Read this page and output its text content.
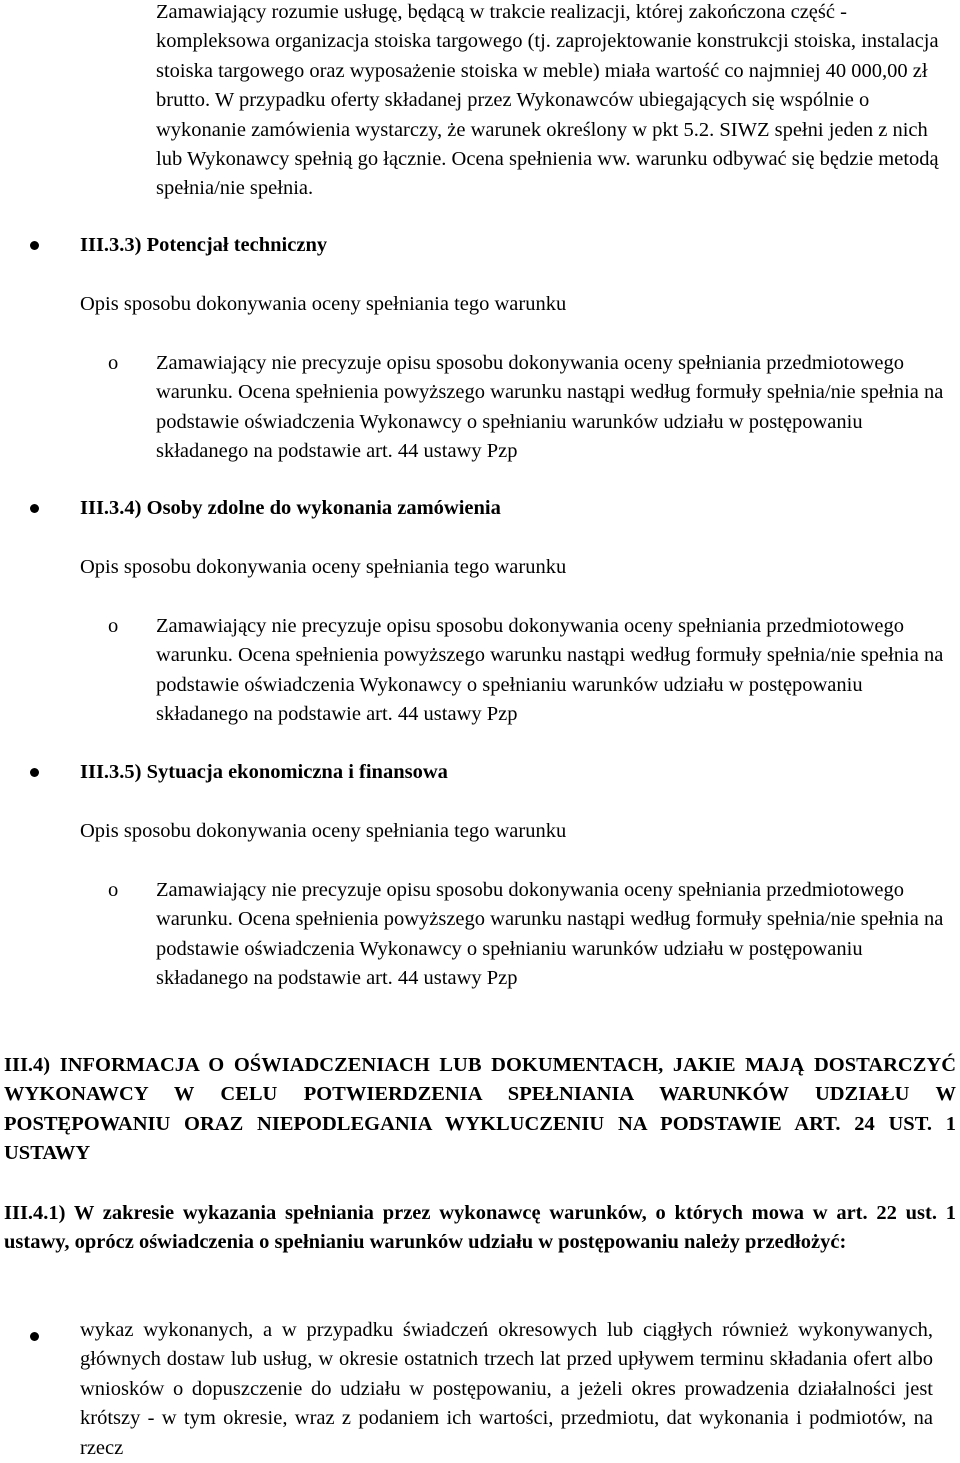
Zamawiający rozumie usługę, będącą w trakcie realizacji, której zakończona część - kompleksowa organizacja stoiska targowego (tj. zaprojektowanie konstrukcji stoiska, instalacja stoiska targowego oraz wyposażenie stoiska w meble) miała wartość co najmniej 40 000,00 zł brutto. W przypadku oferty składanej przez Wykonawców ubiegających się wspólnie o wykonanie zamówienia wystarczy, że warunek określony w pkt 5.2. SIWZ spełni jeden z nich lub Wykonawcy spełnią go łącznie. Ocena spełnienia ww. warunku odbywać się będzie metodą spełnia/nie spełnia.

III.3.3) Potencjał techniczny

Opis sposobu dokonywania oceny spełniania tego warunku

o Zamawiający nie precyzuje opisu sposobu dokonywania oceny spełniania przedmiotowego warunku. Ocena spełnienia powyższego warunku nastąpi według formuły spełnia/nie spełnia na podstawie oświadczenia Wykonawcy o spełnianiu warunków udziału w postępowaniu składanego na podstawie art. 44 ustawy Pzp

III.3.4) Osoby zdolne do wykonania zamówienia

Opis sposobu dokonywania oceny spełniania tego warunku

o Zamawiający nie precyzuje opisu sposobu dokonywania oceny spełniania przedmiotowego warunku. Ocena spełnienia powyższego warunku nastąpi według formuły spełnia/nie spełnia na podstawie oświadczenia Wykonawcy o spełnianiu warunków udziału w postępowaniu składanego na podstawie art. 44 ustawy Pzp

III.3.5) Sytuacja ekonomiczna i finansowa

Opis sposobu dokonywania oceny spełniania tego warunku

o Zamawiający nie precyzuje opisu sposobu dokonywania oceny spełniania przedmiotowego warunku. Ocena spełnienia powyższego warunku nastąpi według formuły spełnia/nie spełnia na podstawie oświadczenia Wykonawcy o spełnianiu warunków udziału w postępowaniu składanego na podstawie art. 44 ustawy Pzp

III.4) INFORMACJA O OŚWIADCZENIACH LUB DOKUMENTACH, JAKIE MAJĄ DOSTARCZYĆ WYKONAWCY W CELU POTWIERDZENIA SPEŁNIANIA WARUNKÓW UDZIAŁU W POSTĘPOWANIU ORAZ NIEPODLEGANIA WYKLUCZENIU NA PODSTAWIE ART. 24 UST. 1 USTAWY

III.4.1) W zakresie wykazania spełniania przez wykonawcę warunków, o których mowa w art. 22 ust. 1 ustawy, oprócz oświadczenia o spełnianiu warunków udziału w postępowaniu należy przedłożyć:

wykaz wykonanych, a w przypadku świadczeń okresowych lub ciągłych również wykonywanych, głównych dostaw lub usług, w okresie ostatnich trzech lat przed upływem terminu składania ofert albo wniosków o dopuszczenie do udziału w postępowaniu, a jeżeli okres prowadzenia działalności jest krótszy - w tym okresie, wraz z podaniem ich wartości, przedmiotu, dat wykonania i podmiotów, na rzecz
